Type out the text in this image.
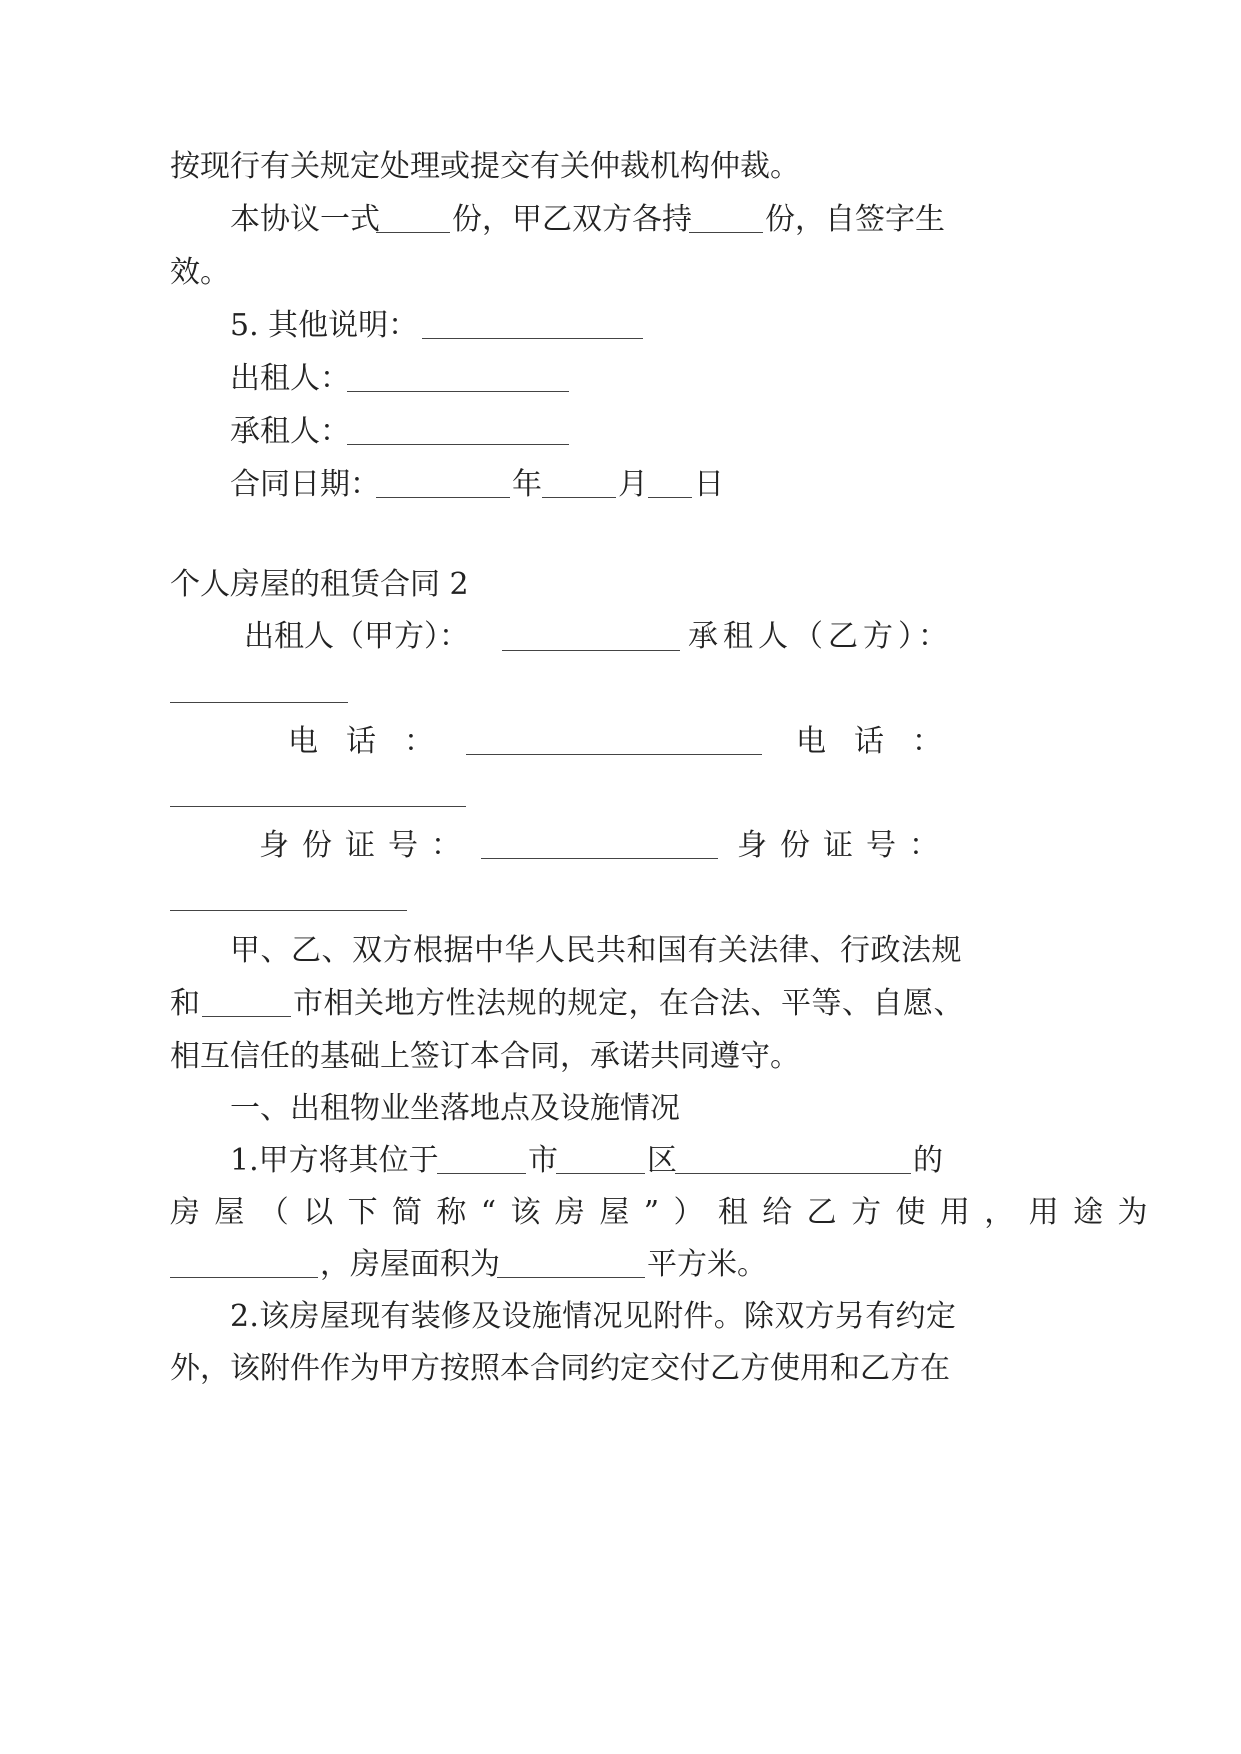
按现行有关规定处理或提交有关仲裁机构仲裁。
本协议一式 份，甲乙双方各持 份，自签字生
效。
5. 其他说明：
出租人：
承租人：
合同日期：	年	月 日
个人房屋的租赁合同 2
出租人（甲方）：	承租人（乙方）：
电话：	电话：
身份证号：	身份证号：
甲、乙、双方根据中华人民共和国有关法律、行政法规
和	市相关地方性法规的规定，在合法、平等、自愿、
相互信任的基础上签订本合同，承诺共同遵守。
一、出租物业坐落地点及设施情况
1.甲方将其位于	市	区	的
房屋（以下简称“该房屋”）租给乙方使用，用途为
，房屋面积为	平方米。
2.该房屋现有装修及设施情况见附件。除双方另有约定
外，该附件作为甲方按照本合同约定交付乙方使用和乙方在
